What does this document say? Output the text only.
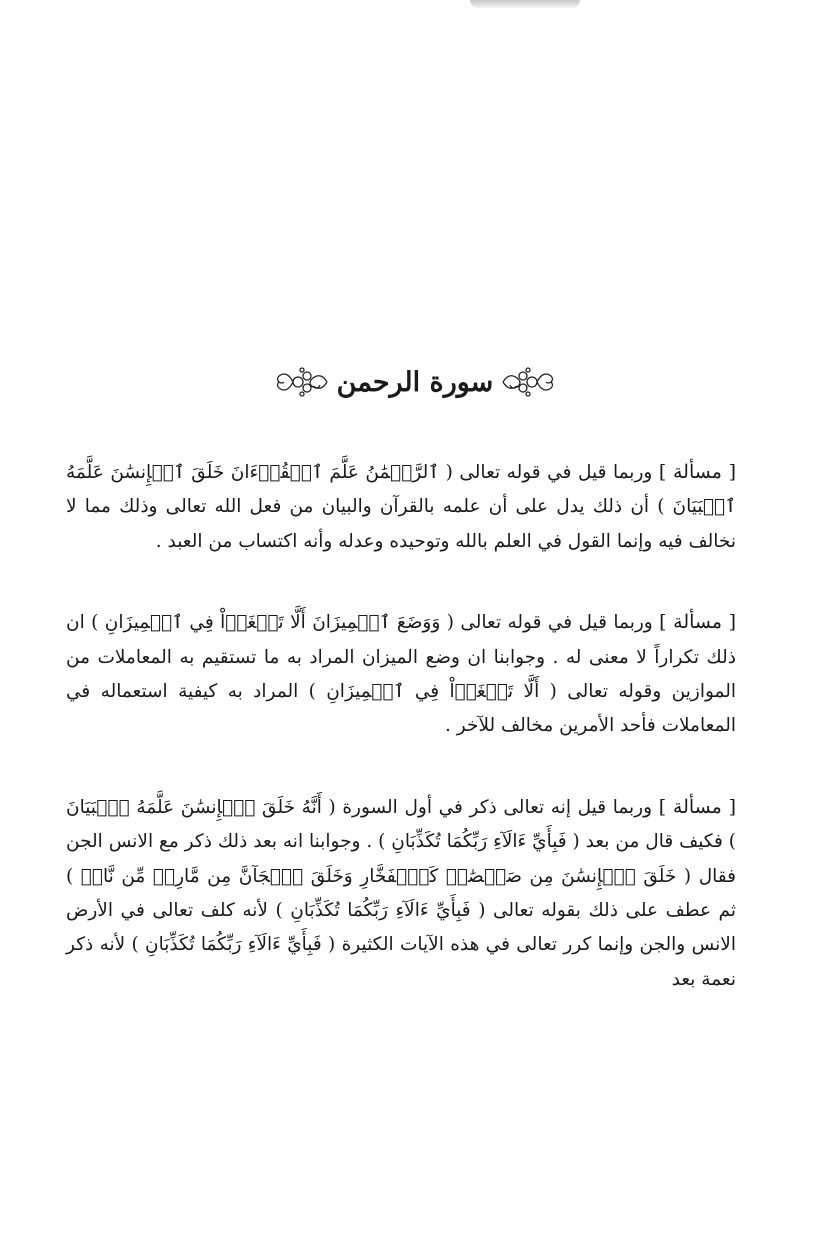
سورة الرحمن

[ مسألة ] وربما قيل في قوله تعالى ( ٱلرَّحۡمَٰنُ عَلَّمَ ٱلۡقُرۡءَانَ خَلَقَ ٱلۡإِنسَٰنَ عَلَّمَهُ ٱلۡبَيَانَ ) أن ذلك يدل على أن علمه بالقرآن والبيان من فعل الله تعالى وذلك مما لا نخالف فيه وإنما القول في العلم بالله وتوحيده وعدله وأنه اكتساب من العبد .

[ مسألة ] وربما قيل في قوله تعالى ( وَوَضَعَ ٱلۡمِيزَانَ أَلَّا تَطۡغَوۡاْ فِي ٱلۡمِيزَانِ ) ان ذلك تكراراً لا معنى له . وجوابنا ان وضع الميزان المراد به ما تستقيم به المعاملات من الموازين وقوله تعالى ( أَلَّا تَطۡغَوۡاْ فِي ٱلۡمِيزَانِ ) المراد به كيفية استعماله في المعاملات فأحد الأمرين مخالف للآخر .

[ مسألة ] وربما قيل إنه تعالى ذكر في أول السورة ( أَنَّهُ خَلَقَ ٱلۡإِنسَٰنَ عَلَّمَهُ ٱلۡبَيَانَ ) فكيف قال من بعد ( فَبِأَيِّ ءَالَآءِ رَبِّكُمَا تُكَذِّبَانِ ) . وجوابنا انه بعد ذلك ذكر مع الانس الجن فقال ( خَلَقَ ٱلۡإِنسَٰنَ مِن صَلۡصَٰلٖ كَٱلۡفَخَّارِ وَخَلَقَ ٱلۡجَآنَّ مِن مَّارِجٖ مِّن نَّارٖ ) ثم عطف على ذلك بقوله تعالى ( فَبِأَيِّ ءَالَآءِ رَبِّكُمَا تُكَذِّبَانِ ) لأنه كلف تعالى في الأرض الانس والجن وإنما كرر تعالى في هذه الآيات الكثيرة ( فَبِأَيِّ ءَالَآءِ رَبِّكُمَا تُكَذِّبَانِ ) لأنه ذكر نعمة بعد
